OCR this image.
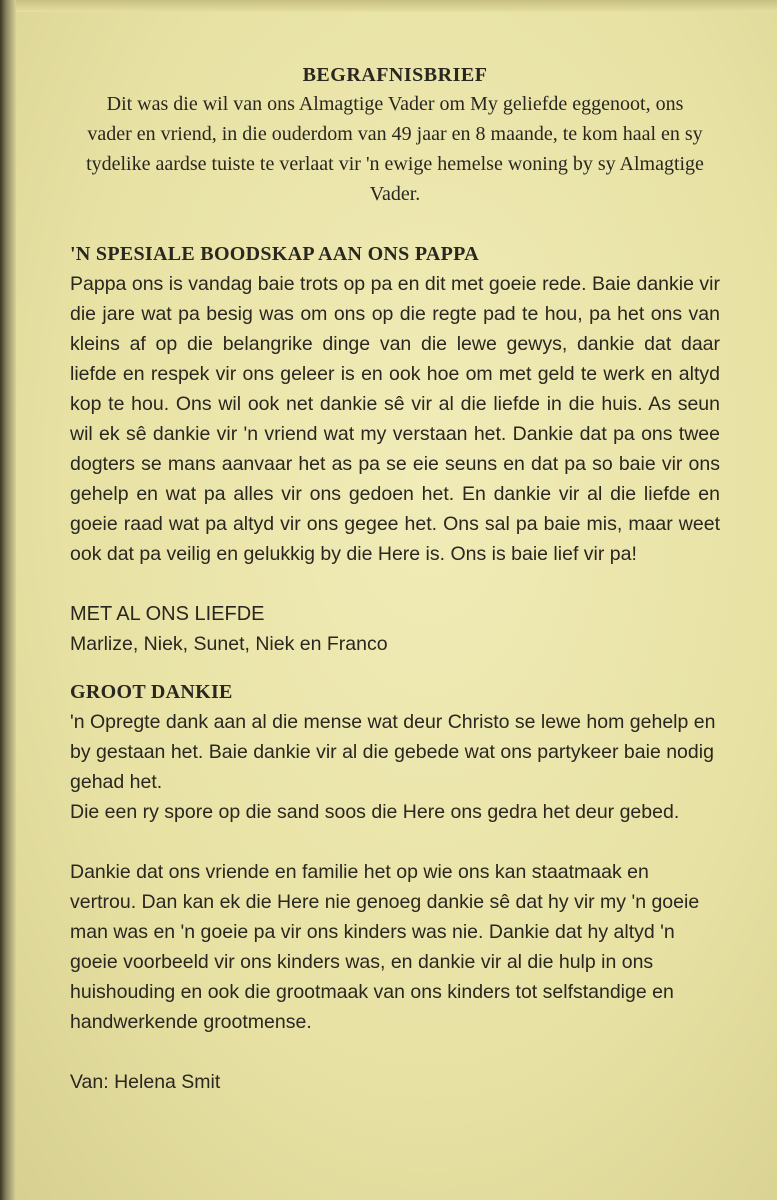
BEGRAFNISBRIEF

Dit was die wil van ons Almagtige Vader om My geliefde eggenoot, ons vader en vriend, in die ouderdom van 49 jaar en 8 maande, te kom haal en sy tydelike aardse tuiste te verlaat vir 'n ewige hemelse woning by sy Almagtige Vader.

'N SPESIALE BOODSKAP AAN ONS PAPPA

Pappa ons is vandag baie trots op pa en dit met goeie rede. Baie dankie vir die jare wat pa besig was om ons op die regte pad te hou, pa het ons van kleins af op die belangrike dinge van die lewe gewys, dankie dat daar liefde en respek vir ons geleer is en ook hoe om met geld te werk en altyd kop te hou. Ons wil ook net dankie sê vir al die liefde in die huis. As seun wil ek sê dankie vir 'n vriend wat my verstaan het. Dankie dat pa ons twee dogters se mans aanvaar het as pa se eie seuns en dat pa so baie vir ons gehelp en wat pa alles vir ons gedoen het. En dankie vir al die liefde en goeie raad wat pa altyd vir ons gegee het. Ons sal pa baie mis, maar weet ook dat pa veilig en gelukkig by die Here is. Ons is baie lief vir pa!

MET AL ONS LIEFDE

Marlize, Niek, Sunet, Niek en Franco

GROOT DANKIE

'n Opregte dank aan al die mense wat deur Christo se lewe hom gehelp en by gestaan het. Baie dankie vir al die gebede wat ons partykeer baie nodig gehad het.

Die een ry spore op die sand soos die Here ons gedra het deur gebed.

Dankie dat ons vriende en familie het op wie ons kan staatmaak en vertrou. Dan kan ek die Here nie genoeg dankie sê dat hy vir my 'n goeie man was en 'n goeie pa vir ons kinders was nie. Dankie dat hy altyd 'n goeie voorbeeld vir ons kinders was, en dankie vir al die hulp in ons huishouding en ook die grootmaak van ons kinders tot selfstandige en handwerkende grootmense.

Van: Helena Smit
